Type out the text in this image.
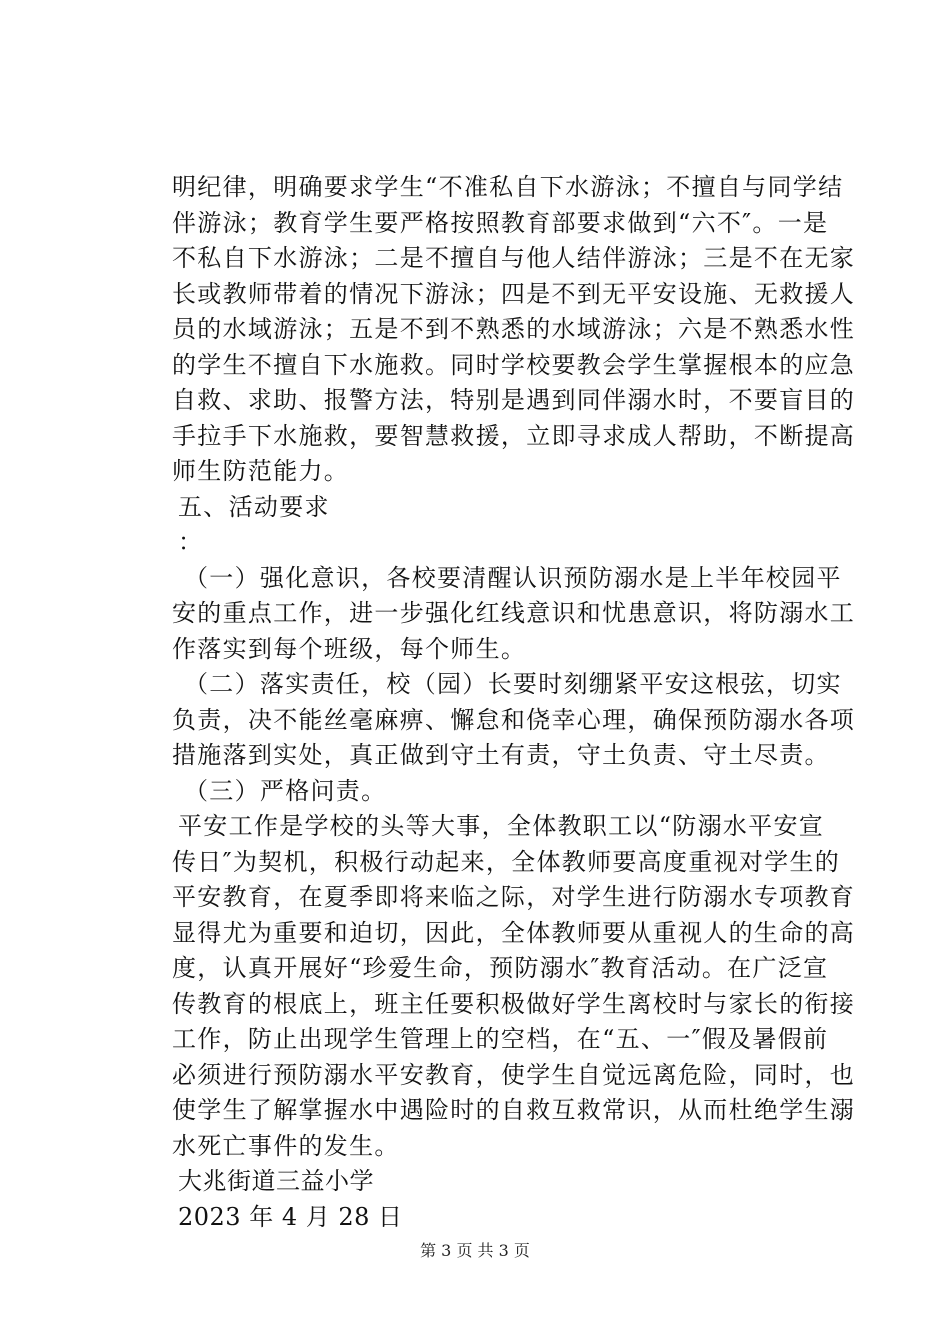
明纪律，明确要求学生“不准私自下水游泳；不擅自与同学结
伴游泳；教育学生要严格按照教育部要求做到“六不″。一是
不私自下水游泳；二是不擅自与他人结伴游泳；三是不在无家
长或教师带着的情况下游泳；四是不到无平安设施、无救援人
员的水域游泳；五是不到不熟悉的水域游泳；六是不熟悉水性
的学生不擅自下水施救。同时学校要教会学生掌握根本的应急
自救、求助、报警方法，特别是遇到同伴溺水时，不要盲目的
手拉手下水施救，要智慧救援，立即寻求成人帮助，不断提高
师生防范能力。
五、活动要求
：
（一）强化意识，各校要清醒认识预防溺水是上半年校园平
安的重点工作，进一步强化红线意识和忧患意识，将防溺水工
作落实到每个班级，每个师生。
（二）落实责任，校（园）长要时刻绷紧平安这根弦，切实
负责，决不能丝毫麻痹、懈怠和侥幸心理，确保预防溺水各项
措施落到实处，真正做到守土有责，守土负责、守土尽责。
（三）严格问责。
平安工作是学校的头等大事，全体教职工以“防溺水平安宣
传日″为契机，积极行动起来，全体教师要高度重视对学生的
平安教育，在夏季即将来临之际，对学生进行防溺水专项教育
显得尤为重要和迫切，因此，全体教师要从重视人的生命的高
度，认真开展好“珍爱生命，预防溺水″教育活动。在广泛宣
传教育的根底上，班主任要积极做好学生离校时与家长的衔接
工作，防止出现学生管理上的空档，在“五、一″假及暑假前
必须进行预防溺水平安教育，使学生自觉远离危险，同时，也
使学生了解掌握水中遇险时的自救互救常识，从而杜绝学生溺
水死亡事件的发生。
大兆街道三益小学
2023 年 4 月 28 日
第 3 页 共 3 页
